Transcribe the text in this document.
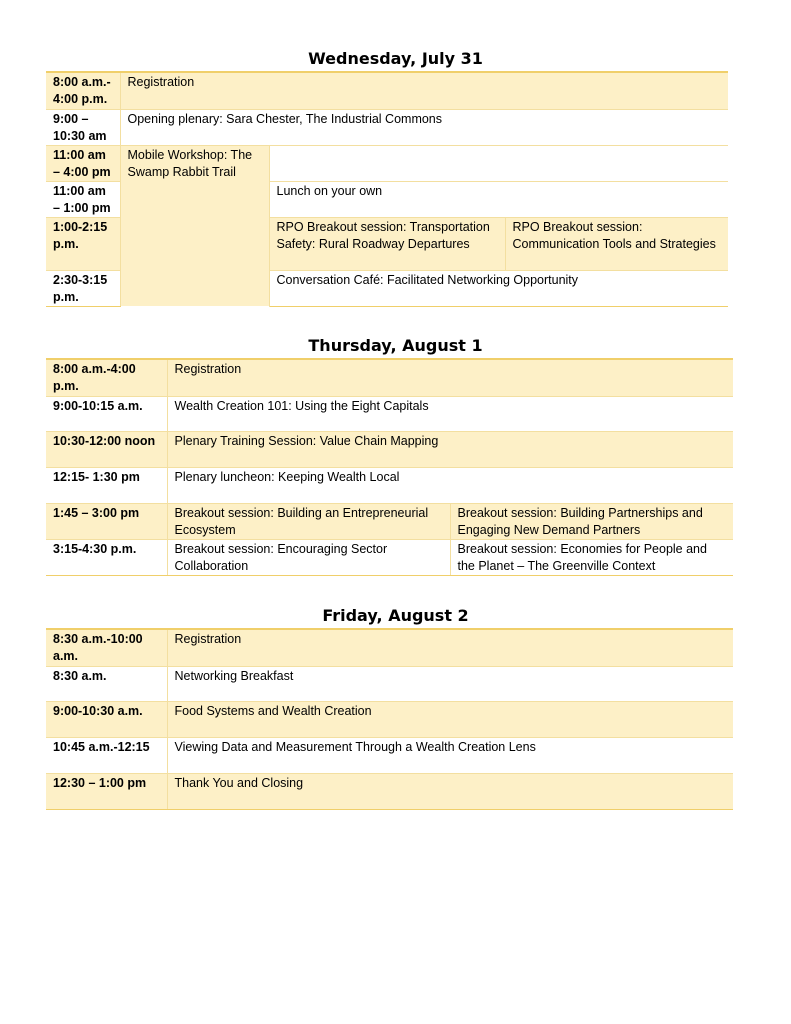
Wednesday, July 31
8:00 a.m.- 4:00 p.m.	Registration		
9:00 – 10:30 am	Opening plenary: Sara Chester, The Industrial Commons		
11:00 am – 4:00 pm	Mobile Workshop: The Swamp Rabbit Trail		
11:00 am – 1:00 pm		Lunch on your own	
1:00-2:15 p.m.		RPO Breakout session: Transportation Safety: Rural Roadway Departures	RPO Breakout session: Communication Tools and Strategies
2:30-3:15 p.m.		Conversation Café: Facilitated Networking Opportunity	
Thursday, August 1
8:00 a.m.-4:00 p.m.	Registration	
9:00-10:15 a.m.	Wealth Creation 101: Using the Eight Capitals	
10:30-12:00 noon	Plenary Training Session: Value Chain Mapping	
12:15- 1:30 pm	Plenary luncheon: Keeping Wealth Local	
1:45 – 3:00 pm	Breakout session: Building an Entrepreneurial Ecosystem	Breakout session: Building Partnerships and Engaging New Demand Partners
3:15-4:30 p.m.	Breakout session: Encouraging Sector Collaboration	Breakout session: Economies for People and the Planet – The Greenville Context
Friday, August 2
8:30 a.m.-10:00 a.m.	Registration
8:30 a.m.	Networking Breakfast
9:00-10:30 a.m.	Food Systems and Wealth Creation
10:45 a.m.-12:15	Viewing Data and Measurement Through a Wealth Creation Lens
12:30 – 1:00 pm	Thank You and Closing
